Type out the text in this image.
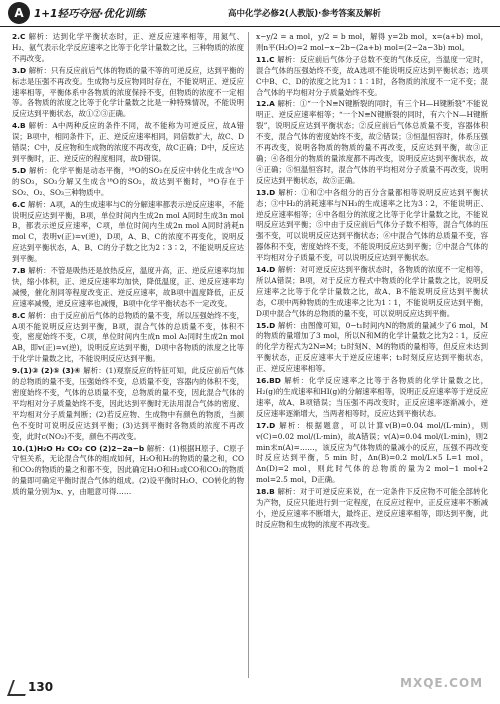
A 1+1轻巧夺冠·优化训练	高中化学必修2(人教版)·参考答案及解析

2.C 解析：达到化学平衡状态时，正、逆反应速率相等，用氮气、H₂、氨气表示化学反应速率之比等于化学计量数之比，三种物质的浓度不再改变。

3.D 解析：只有反应前后气体的物质的量不等的可逆反应，达到平衡的标志是压强不再改变。生成物与反应物同时存在，不能说明正、逆反应速率相等，平衡体系中各物质的浓度保持不变，但物质的浓度不一定相等。各物质的浓度之比等于化学计量数之比是一种特殊情况，不能说明反应达到平衡状态，故①②③正确。

4.B 解析：A中两种反应的条件不同，故不能称为可逆反应，故A错误；B项中，相同条件下，正、逆反应速率相同，同倍数扩大，故C、D错误；C中，反应物和生成物的浓度不再改变，故C正确；D中，反应达到平衡时，正、逆反应的程度相同，故D错误。

5.D 解析：化学平衡是动态平衡，¹⁸O的SO₂在反应中转化生成含¹⁸O的SO₃，SO₃分解又生成含¹⁸O的SO₂，故达到平衡时，¹⁸O存在于SO₂、O₂、SO₃三种物质中。

6.C 解析：A项，A的生成速率与C的分解速率都表示逆反应速率，不能说明反应达到平衡，B项，单位时间内生成2n mol A同时生成3n mol B，都表示逆反应速率，C项，单位时间内生成2n mol A同时消耗n mol C，表明v(正)=v(逆)，D项，A、B、C的浓度不再变化，说明反应达到平衡状态，A、B、C的分子数之比为2∶3∶2，不能说明反应达到平衡。

7.B 解析：不管是吸热还是放热反应，温度升高，正、逆反应速率均加快，缩小体积，正、逆反应速率均加快，降低温度，正、逆反应速率均减慢，催化剂同等程度改变正、逆反应速率，故B项中温度降低，正反应速率减慢，逆反应速率也减慢，B项中化学平衡状态不一定改变。

8.C 解析：由于反应前后气体的总物质的量不变，所以压强始终不变，A项不能说明反应达到平衡，B项，混合气体的总质量不变，体积不变，密度始终不变，C项，单位时间内生成n mol A₂同时生成2n mol AB，即v(正)=v(逆)，说明反应达到平衡，D项中各物质的浓度之比等于化学计量数之比，不能说明反应达到平衡。

9.(1)③ (2)⑤ (3)④ 解析：(1)观察反应的特征可知，此反应前后气体的总物质的量不变，压强始终不变，总质量不变，容器内的体积不变，密度始终不变，气体的总质量不变，总物质的量不变，因此混合气体的平均相对分子质量始终不变，因此达到平衡时无法用混合气体的密度、平均相对分子质量判断；(2)若反应物、生成物中有颜色的物质，当颜色不变时可说明反应达到平衡；(3)达到平衡时各物质的浓度不再改变，此时c(NO₂)不变，颜色不再改变。

10.(1)H₂O H₂ CO₂ CO (2)2−2a−b 解析：(1)根据H原子、C原子守恒关系，无论混合气体的组成如何，H₂O和H₂的物质的量之和，CO和CO₂的物质的量之和都不变，因此确定H₂O和H₂或CO和CO₂的物质的量即可确定平衡时混合气体的组成。(2)设平衡时H₂O、CO转化的物质的量分别为x、y，由题意可得……

x−y/2 = a mol，y/2 = b mol，解得 y=2b mol，x=(a+b) mol，则n平(H₂O)=2 mol−x−2b−(2a+b) mol=(2−2a−3b) mol。

11.C 解析：反应前后气体分子总数不变的气体反应，当温度一定时，混合气体的压强始终不变，故A选项不能说明反应达到平衡状态；选项C中B、C、D的浓度之比为1∶1∶1时，各物质的浓度不一定不变；混合气体的平均相对分子质量始终不变。

12.A 解析：①“一个N≡N键断裂的同时，有三个H—H键断裂”不能说明正、逆反应速率相等；“一个N≡N键断裂的同时，有六个N—H键断裂”，说明反应达到平衡状态；②反应前后气体总质量不变，容器体积不变，混合气体的密度始终不变，故②错误；③恒温恒容时，体系压强不再改变，说明各物质的物质的量不再改变，反应达到平衡，故③正确；④各组分的物质的量浓度都不再改变，说明反应达到平衡状态，故④正确；⑤恒温恒容时，混合气体的平均相对分子质量不再改变，说明反应达到平衡状态，故⑤正确。

13.D 解析：①和②中各组分的百分含量都相等说明反应达到平衡状态；③中H₂的消耗速率与NH₃的生成速率之比为3∶2，不能说明正、逆反应速率相等；④中各组分的浓度之比等于化学计量数之比，不能说明反应达到平衡；⑤中由于反应前后气体分子数不相等，混合气体的压强不变，可以说明反应达到平衡状态；⑥中混合气体的总质量不变，容器体积不变，密度始终不变，不能说明反应达到平衡；⑦中混合气体的平均相对分子质量不变，可以说明反应达到平衡状态。

14.D 解析：对可逆反应达到平衡状态时，各物质的浓度不一定相等，所以A错误；B项，对于反应方程式中物质的化学计量数之比，说明反应速率之比等于化学计量数之比，故A、B不能说明反应达到平衡状态，C项中两种物质的生成速率之比为1∶1，不能说明反应达到平衡，D项中混合气体的总物质的量不变，可以说明反应达到平衡。

15.D 解析：由图像可知，0−t₁时间内N的物质的量减少了6 mol，M的物质的量增加了3 mol，所以N和M的化学计量数之比为2∶1，反应的化学方程式为2N⇌M；t₂时刻N、M的物质的量相等，但反应未达到平衡状态，正反应速率大于逆反应速率；t₃时刻反应达到平衡状态，正、逆反应速率相等。

16.BD 解析：化学反应速率之比等于各物质的化学计量数之比，H₂(g)的生成速率和HI(g)的分解速率相等，说明正反应速率等于逆反应速率，故A、B项错误；当压强不再改变时，正反应速率逐渐减小，逆反应速率逐渐增大，当两者相等时，反应达到平衡状态。

17.D 解析：根据题意，可以计算v(B)=0.04 mol/(L·min)，则v(C)=0.02 mol/(L·min)，故A错误；v(A)=0.04 mol/(L·min)，则2 min末n(A)=……，该反应为气体物质的量减小的反应，压强不再改变时反应达到平衡，5 min 时，Δn(B)=0.2 mol/L×5 L=1 mol，Δn(D)=2 mol，则此时气体的总物质的量为2 mol−1 mol+2 mol=2.5 mol，D正确。

18.B 解析：对于可逆反应来说，在一定条件下反应物不可能全部转化为产物，反应只能进行到一定程度，在反应过程中，正反应速率不断减小，逆反应速率不断增大，最终正、逆反应速率相等，即达到平衡，此时反应物和生成物的浓度不再改变。

130	MXQE.COM
